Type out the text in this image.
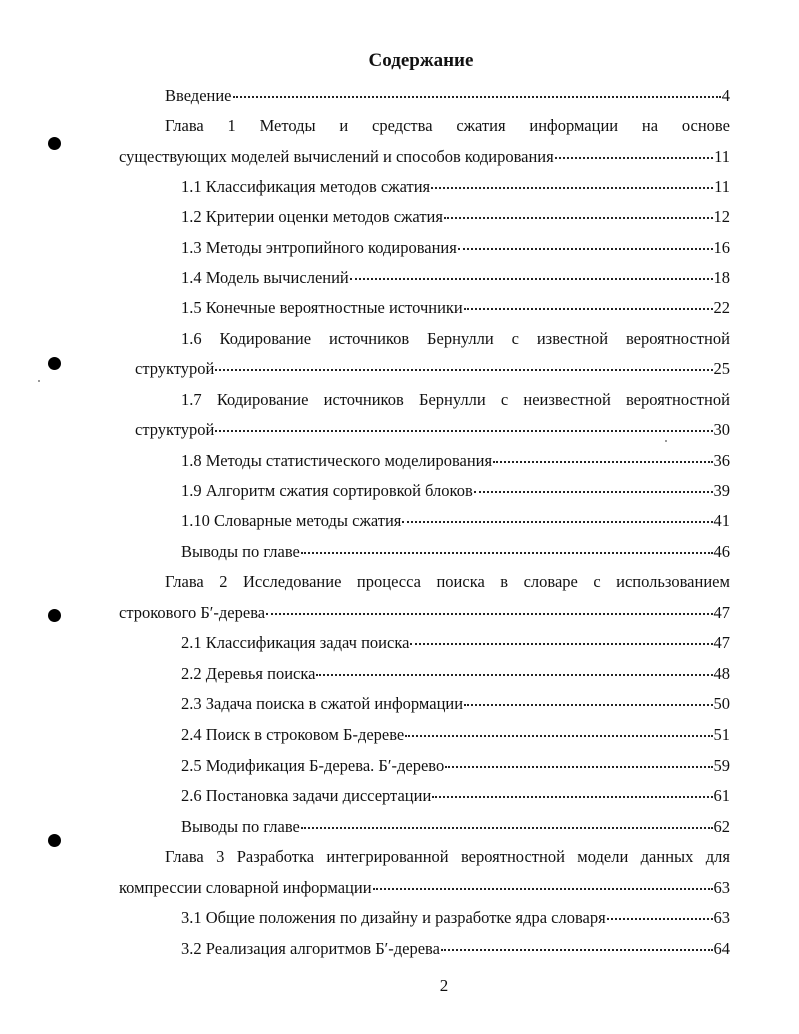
Содержание
Введение	4
Глава 1 Методы и средства сжатия информации на основе
существующих моделей вычислений и способов кодирования	11
1.1 Классификация методов сжатия	11
1.2 Критерии оценки методов сжатия	12
1.3 Методы энтропийного кодирования	16
1.4 Модель вычислений	18
1.5 Конечные вероятностные источники	22
1.6 Кодирование источников Бернулли с известной вероятностной
структурой	25
1.7 Кодирование источников Бернулли с неизвестной вероятностной
структурой	30
1.8 Методы статистического моделирования	36
1.9 Алгоритм сжатия сортировкой блоков	39
1.10 Словарные методы сжатия	41
Выводы по главе	46
Глава 2 Исследование процесса поиска в словаре с использованием
строкового Б′-дерева	47
2.1 Классификация задач поиска	47
2.2 Деревья поиска	48
2.3 Задача поиска в сжатой информации	50
2.4 Поиск в строковом Б-дереве	51
2.5 Модификация Б-дерева. Б′-дерево	59
2.6 Постановка задачи диссертации	61
Выводы по главе	62
Глава 3 Разработка интегрированной вероятностной модели данных для
компрессии словарной информации	63
3.1 Общие положения по дизайну и разработке ядра словаря	63
3.2 Реализация алгоритмов Б′-дерева	64
2
